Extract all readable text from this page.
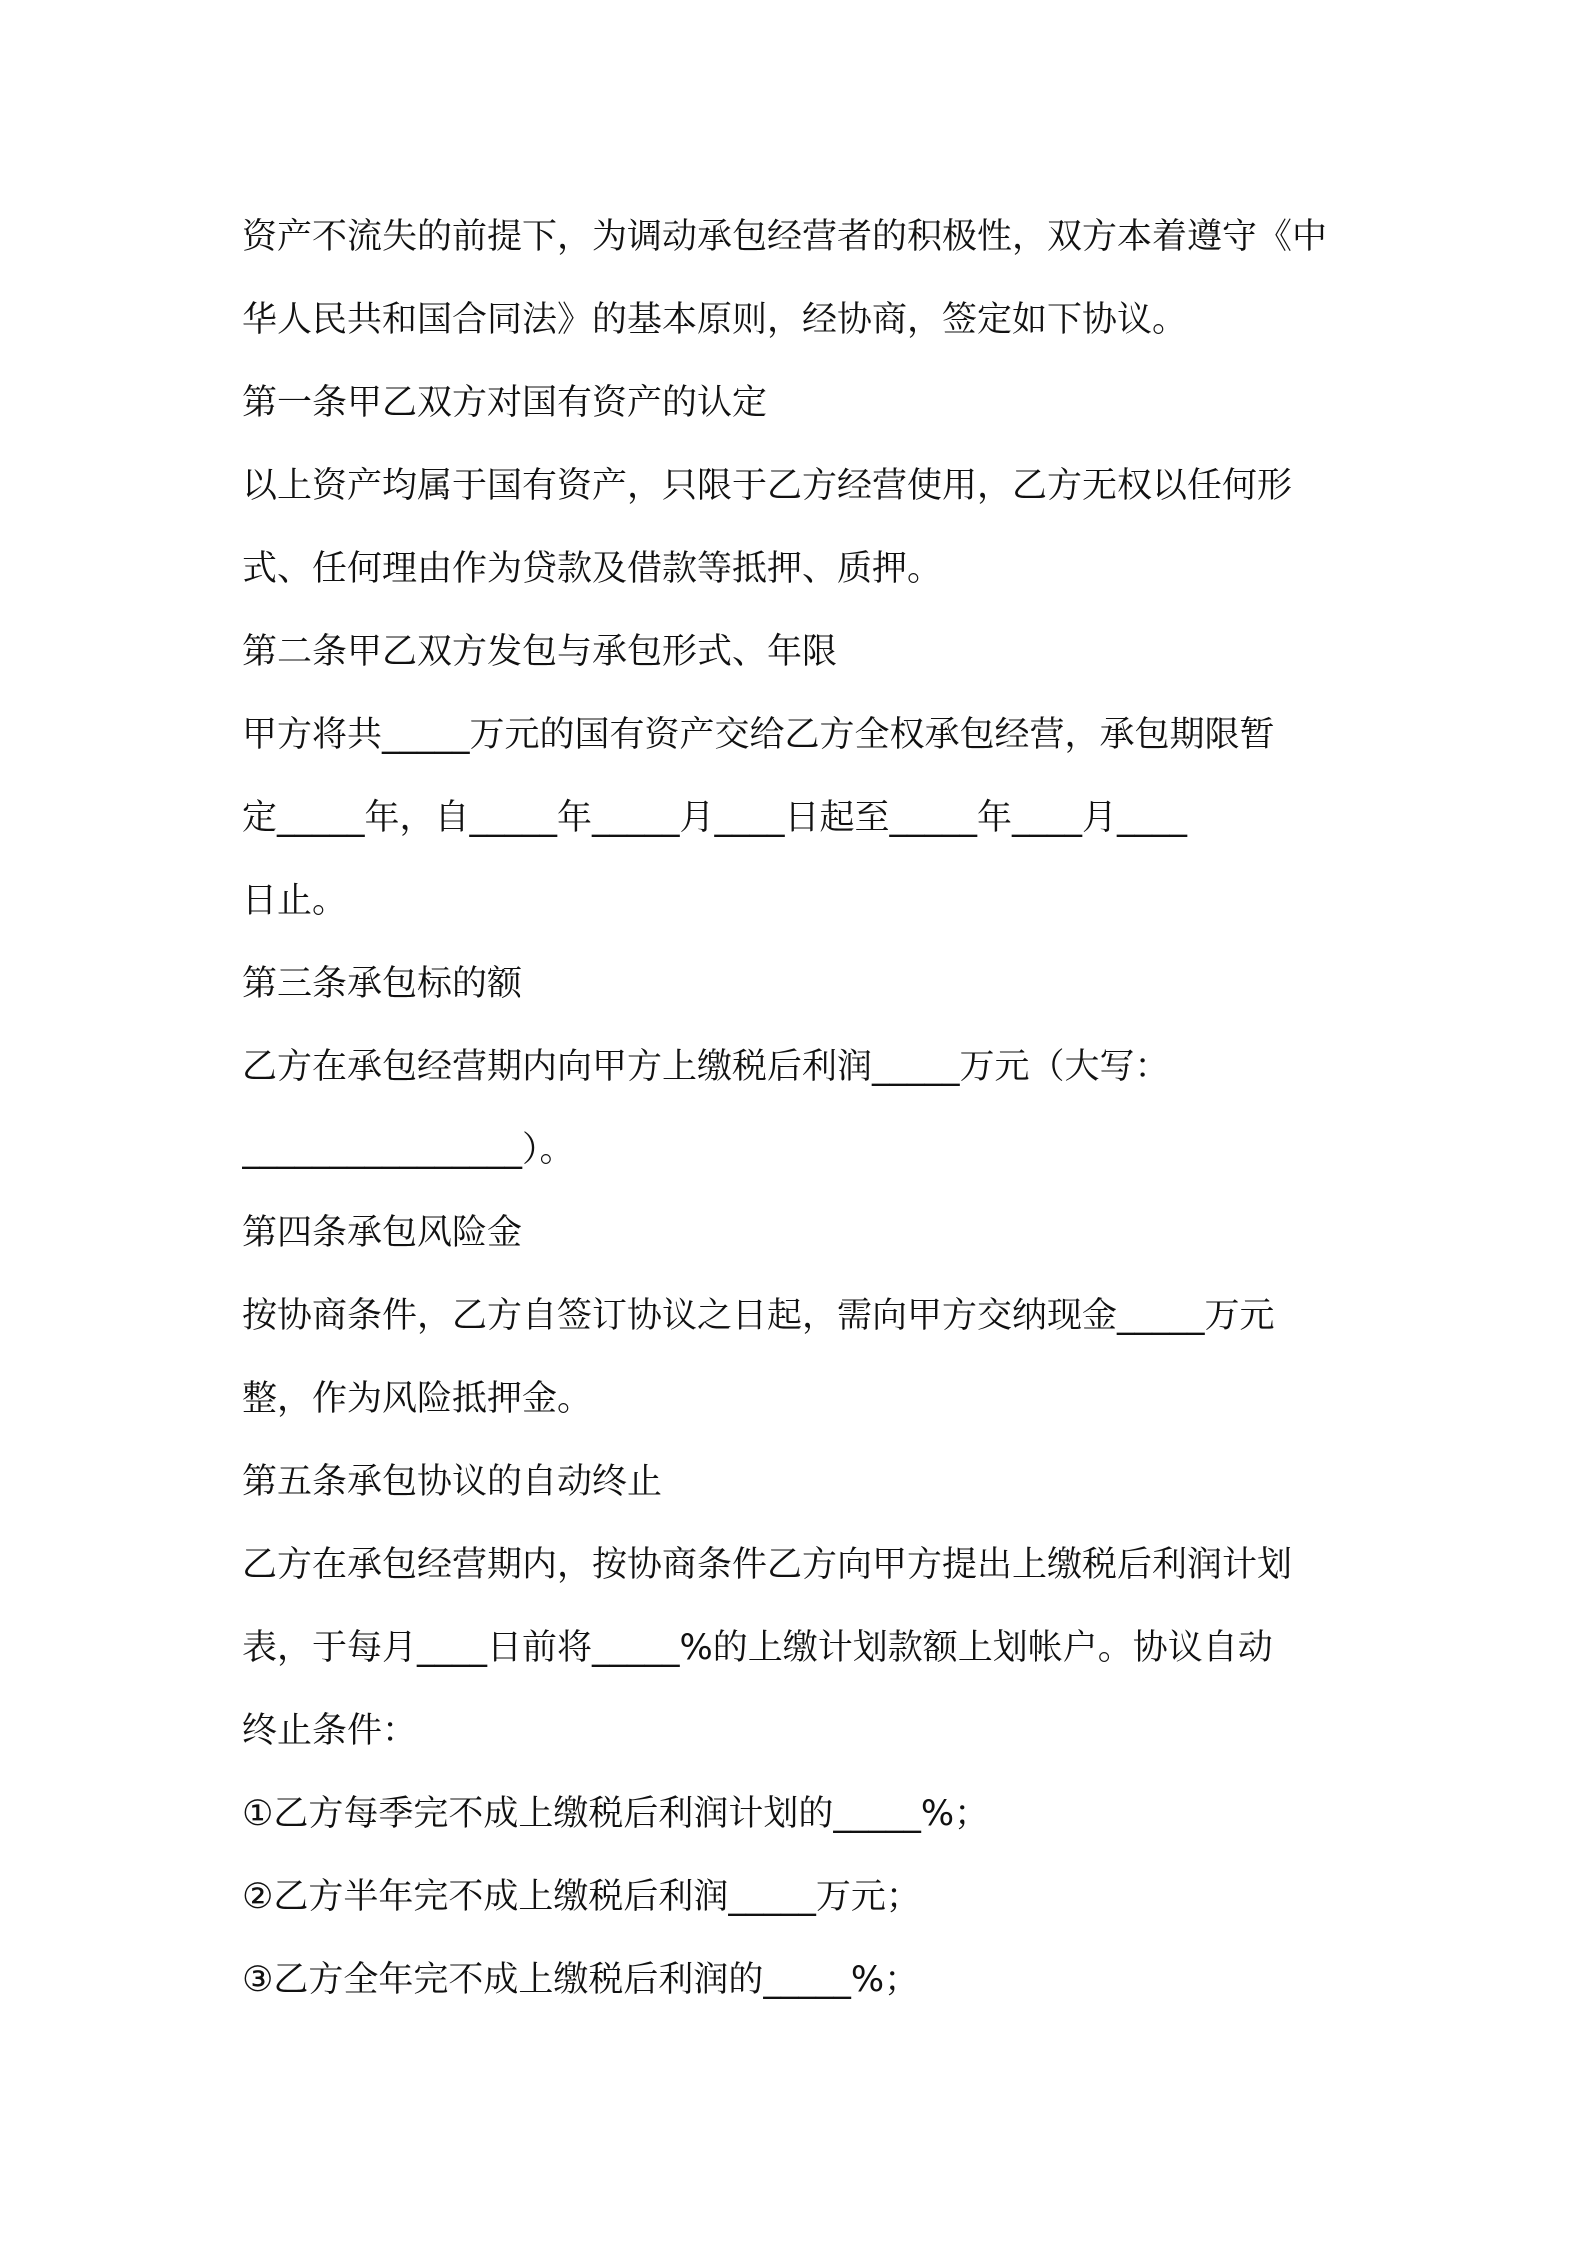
资产不流失的前提下，为调动承包经营者的积极性，双方本着遵守《中
华人民共和国合同法》的基本原则，经协商，签定如下协议。
第一条甲乙双方对国有资产的认定
以上资产均属于国有资产，只限于乙方经营使用，乙方无权以任何形
式、任何理由作为贷款及借款等抵押、质押。
第二条甲乙双方发包与承包形式、年限
甲方将共_____万元的国有资产交给乙方全权承包经营，承包期限暂
定_____年，自_____年_____月____日起至_____年____月____
日止。
第三条承包标的额
乙方在承包经营期内向甲方上缴税后利润_____万元（大写：
________________）。
第四条承包风险金
按协商条件，乙方自签订协议之日起，需向甲方交纳现金_____万元
整，作为风险抵押金。
第五条承包协议的自动终止
乙方在承包经营期内，按协商条件乙方向甲方提出上缴税后利润计划
表，于每月____日前将_____%的上缴计划款额上划帐户。协议自动
终止条件：
①乙方每季完不成上缴税后利润计划的_____%；
②乙方半年完不成上缴税后利润_____万元；
③乙方全年完不成上缴税后利润的_____%；
